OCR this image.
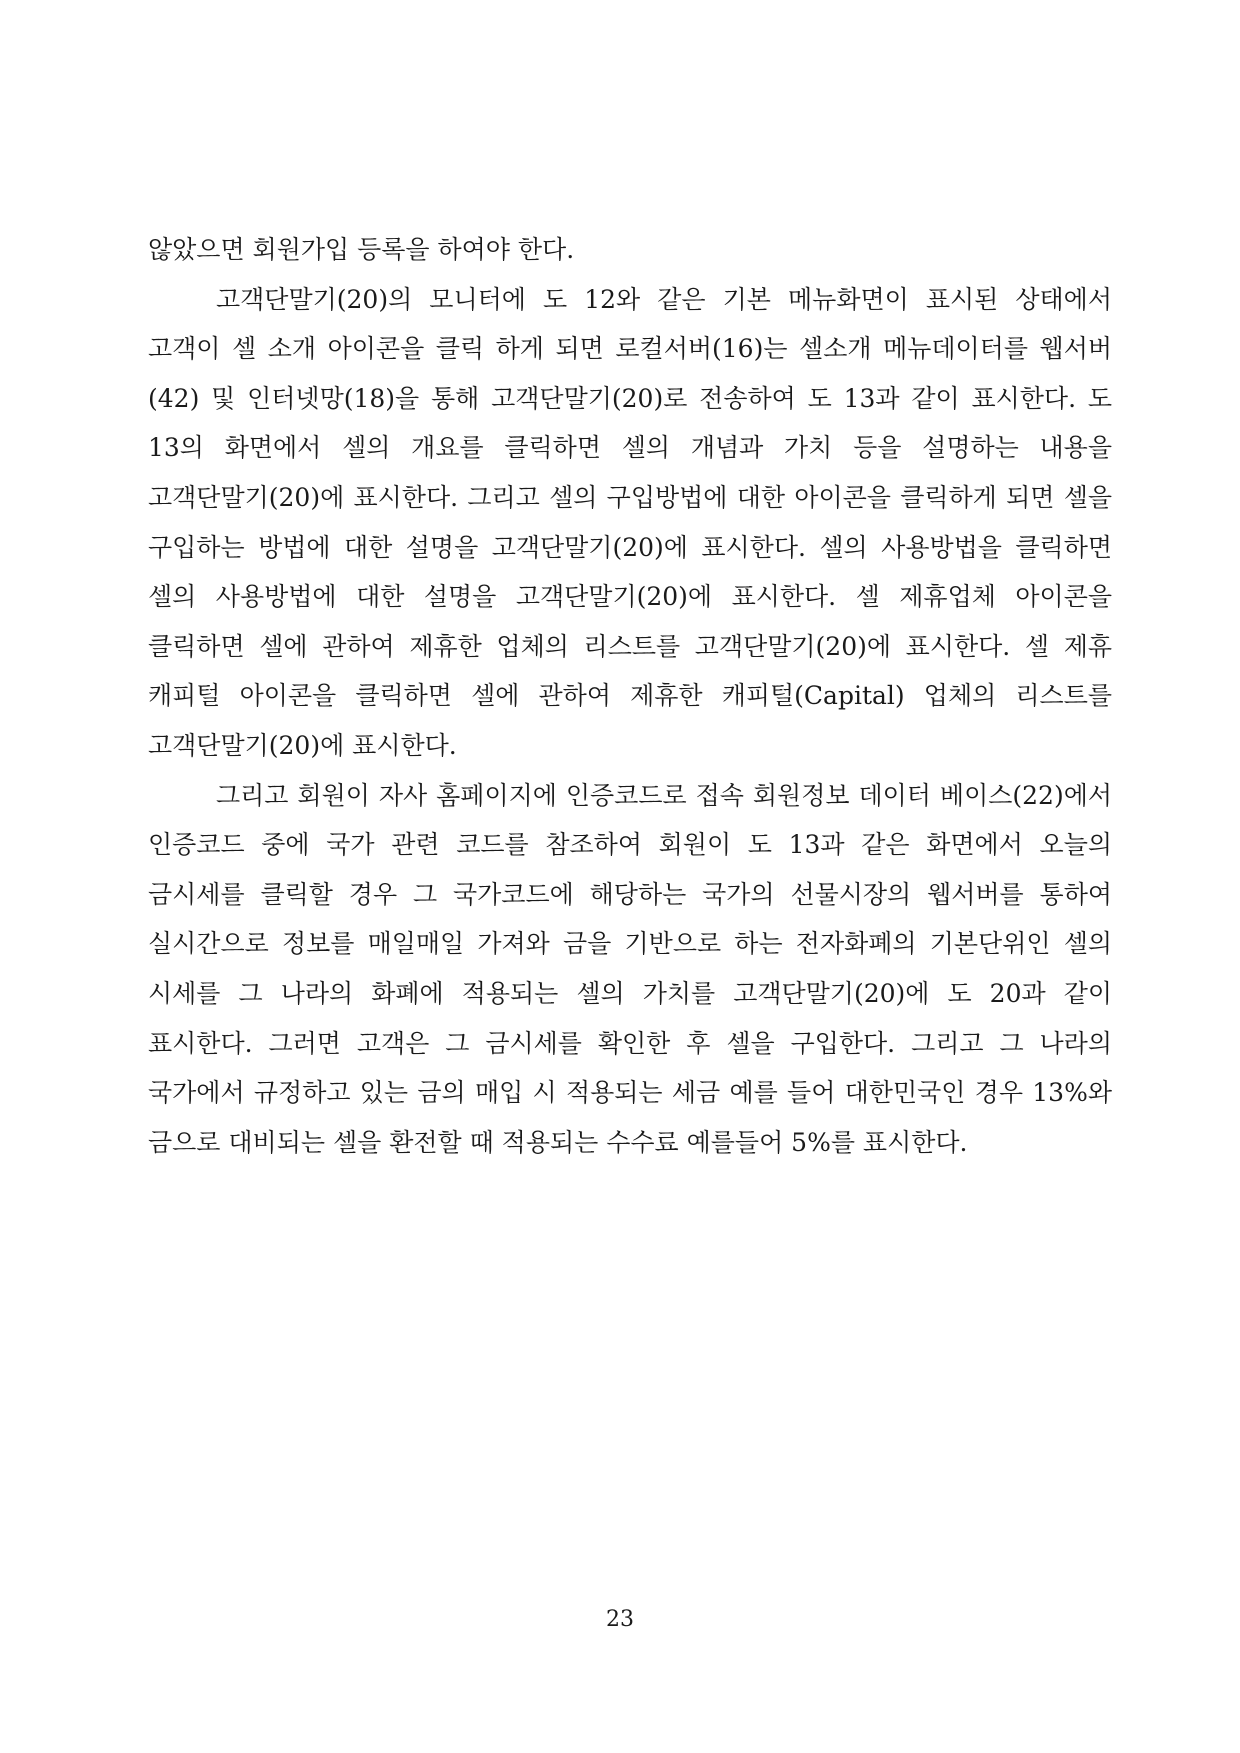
않았으면 회원가입 등록을 하여야 한다.

고객단말기(20)의 모니터에 도 12와 같은 기본 메뉴화면이 표시된 상태에서 고객이 셀 소개 아이콘을 클릭 하게 되면 로컬서버(16)는 셀소개 메뉴데이터를 웹서버(42) 및 인터넷망(18)을 통해 고객단말기(20)로 전송하여 도 13과 같이 표시한다. 도 13의 화면에서 셀의 개요를 클릭하면 셀의 개념과 가치 등을 설명하는 내용을 고객단말기(20)에 표시한다. 그리고 셀의 구입방법에 대한 아이콘을 클릭하게 되면 셀을 구입하는 방법에 대한 설명을 고객단말기(20)에 표시한다. 셀의 사용방법을 클릭하면 셀의 사용방법에 대한 설명을 고객단말기(20)에 표시한다. 셀 제휴업체 아이콘을 클릭하면 셀에 관하여 제휴한 업체의 리스트를 고객단말기(20)에 표시한다. 셀 제휴 캐피털 아이콘을 클릭하면 셀에 관하여 제휴한 캐피털(Capital) 업체의 리스트를 고객단말기(20)에 표시한다.

그리고 회원이 자사 홈페이지에 인증코드로 접속 회원정보 데이터 베이스(22)에서 인증코드 중에 국가 관련 코드를 참조하여 회원이 도 13과 같은 화면에서 오늘의 금시세를 클릭할 경우 그 국가코드에 해당하는 국가의 선물시장의 웹서버를 통하여 실시간으로 정보를 매일매일 가져와 금을 기반으로 하는 전자화폐의 기본단위인 셀의 시세를 그 나라의 화폐에 적용되는 셀의 가치를 고객단말기(20)에 도 20과 같이 표시한다. 그러면 고객은 그 금시세를 확인한 후 셀을 구입한다. 그리고 그 나라의 국가에서 규정하고 있는 금의 매입 시 적용되는 세금 예를 들어 대한민국인 경우 13%와 금으로 대비되는 셀을 환전할 때 적용되는 수수료 예를들어 5%를 표시한다.

23
